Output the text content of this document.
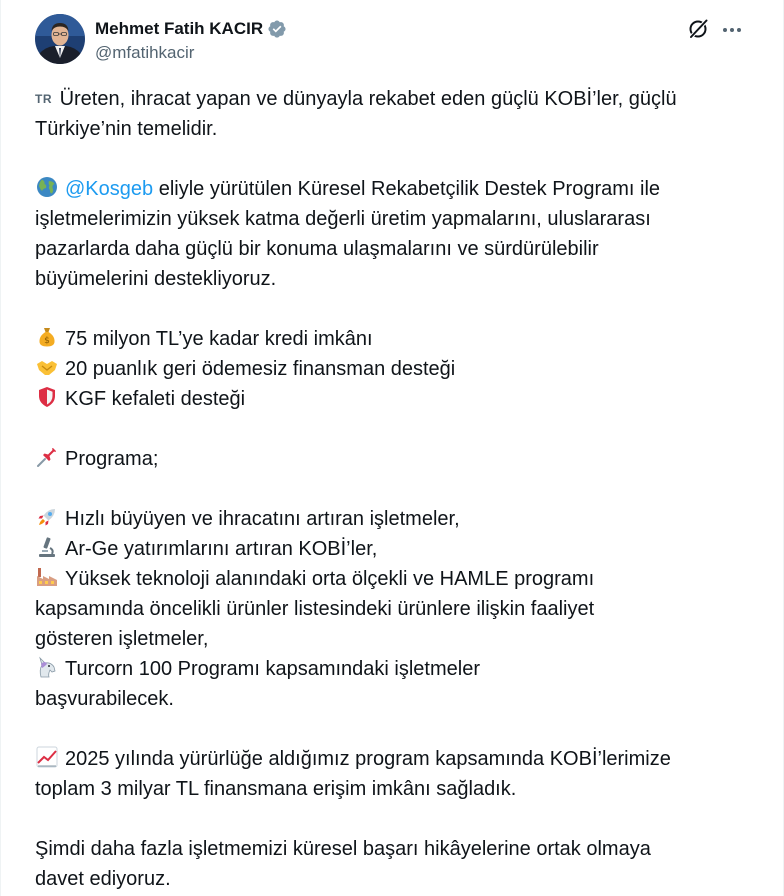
Mehmet Fatih KACIR
@mfatihkacir
TR Üreten, ihracat yapan ve dünyayla rekabet eden güçlü KOBİ’ler, güçlü
Türkiye’nin temelidir.
@Kosgeb eliyle yürütülen Küresel Rekabetçilik Destek Programı ile
işletmelerimizin yüksek katma değerli üretim yapmalarını, uluslararası
pazarlarda daha güçlü bir konuma ulaşmalarını ve sürdürülebilir
büyümelerini destekliyoruz.
$ 75 milyon TL’ye kadar kredi imkânı
20 puanlık geri ödemesiz finansman desteği
KGF kefaleti desteği
Programa;
Hızlı büyüyen ve ihracatını artıran işletmeler,
Ar-Ge yatırımlarını artıran KOBİ’ler,
Yüksek teknoloji alanındaki orta ölçekli ve HAMLE programı
kapsamında öncelikli ürünler listesindeki ürünlere ilişkin faaliyet
gösteren işletmeler,
Turcorn 100 Programı kapsamındaki işletmeler
başvurabilecek.
2025 yılında yürürlüğe aldığımız program kapsamında KOBİ’lerimize
toplam 3 milyar TL finansmana erişim imkânı sağladık.
Şimdi daha fazla işletmemizi küresel başarı hikâyelerine ortak olmaya
davet ediyoruz.
